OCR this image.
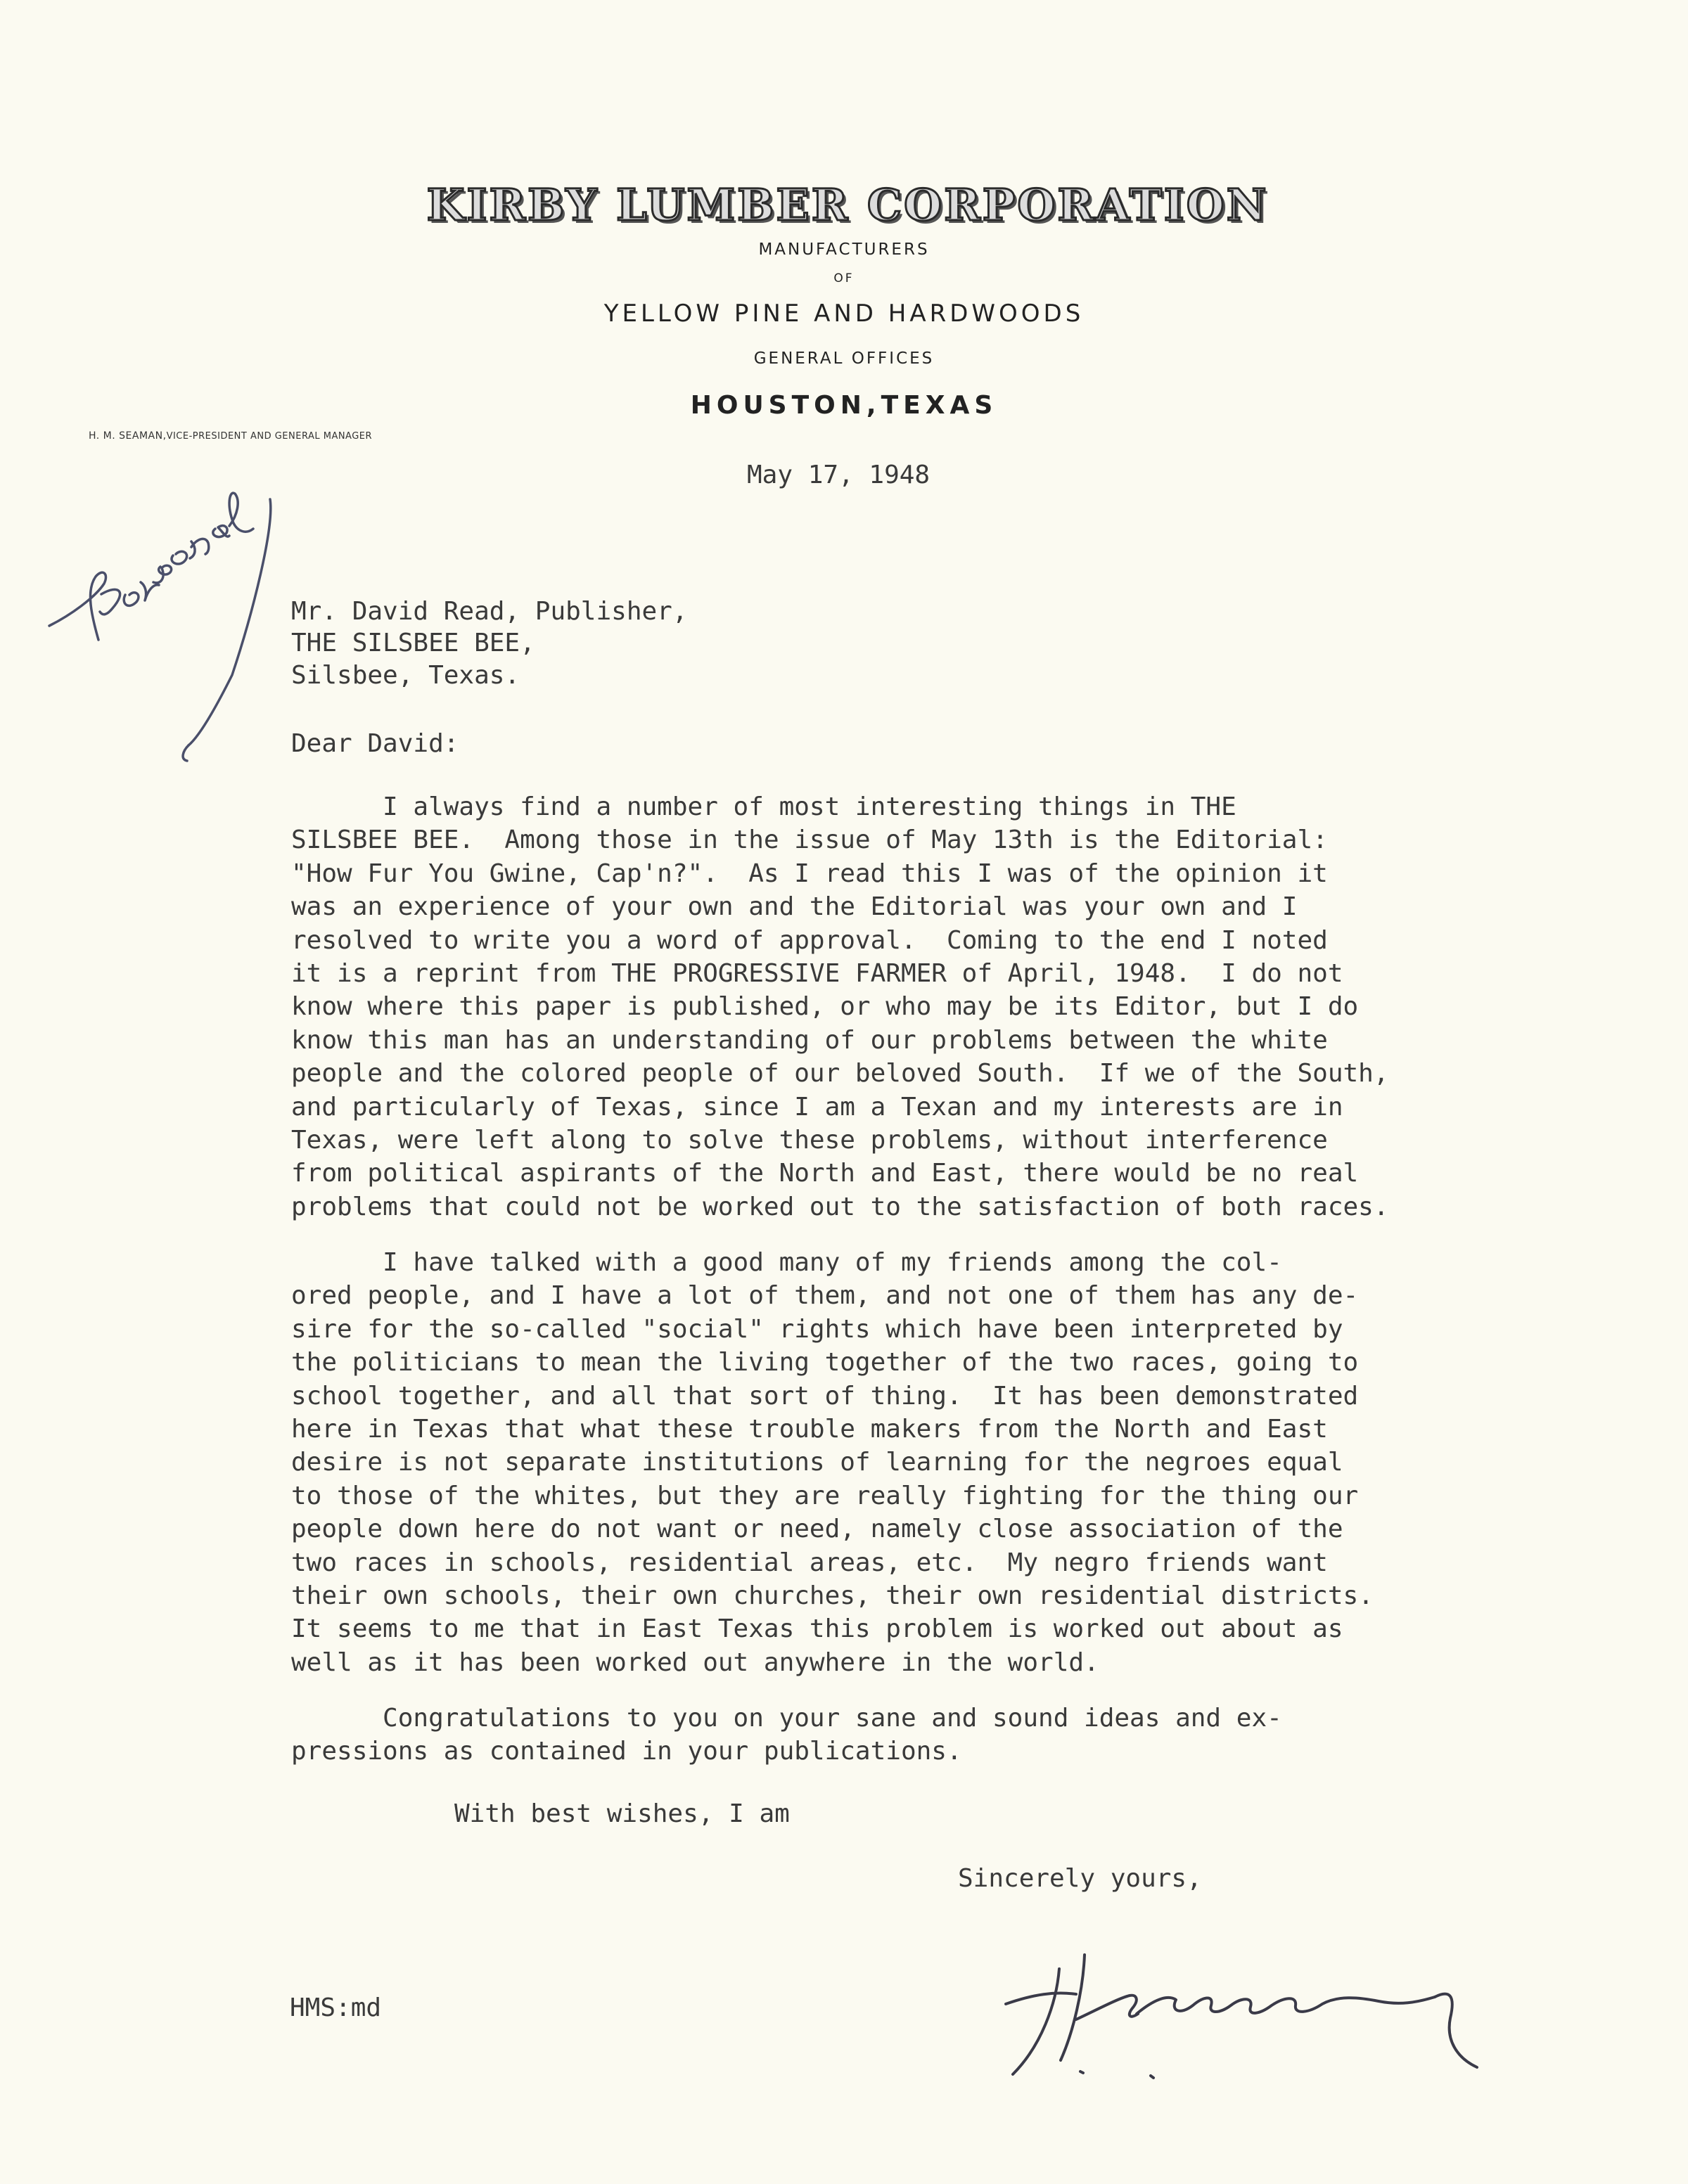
KIRBY LUMBER CORPORATION
MANUFACTURERS
OF
YELLOW PINE AND HARDWOODS
GENERAL OFFICES
HOUSTON,TEXAS
H. M. SEAMAN,VICE-PRESIDENT AND GENERAL MANAGER
May 17, 1948
Mr. David Read, Publisher,
THE SILSBEE BEE,
Silsbee, Texas.
Dear David:
I always find a number of most interesting things in THE
SILSBEE BEE.  Among those in the issue of May 13th is the Editorial:
"How Fur You Gwine, Cap'n?".  As I read this I was of the opinion it
was an experience of your own and the Editorial was your own and I
resolved to write you a word of approval.  Coming to the end I noted
it is a reprint from THE PROGRESSIVE FARMER of April, 1948.  I do not
know where this paper is published, or who may be its Editor, but I do
know this man has an understanding of our problems between the white
people and the colored people of our beloved South.  If we of the South,
and particularly of Texas, since I am a Texan and my interests are in
Texas, were left along to solve these problems, without interference
from political aspirants of the North and East, there would be no real
problems that could not be worked out to the satisfaction of both races.
I have talked with a good many of my friends among the col-
ored people, and I have a lot of them, and not one of them has any de-
sire for the so-called "social" rights which have been interpreted by
the politicians to mean the living together of the two races, going to
school together, and all that sort of thing.  It has been demonstrated
here in Texas that what these trouble makers from the North and East
desire is not separate institutions of learning for the negroes equal
to those of the whites, but they are really fighting for the thing our
people down here do not want or need, namely close association of the
two races in schools, residential areas, etc.  My negro friends want
their own schools, their own churches, their own residential districts.
It seems to me that in East Texas this problem is worked out about as
well as it has been worked out anywhere in the world.
Congratulations to you on your sane and sound ideas and ex-
pressions as contained in your publications.
With best wishes, I am
Sincerely yours,
HMS:md
